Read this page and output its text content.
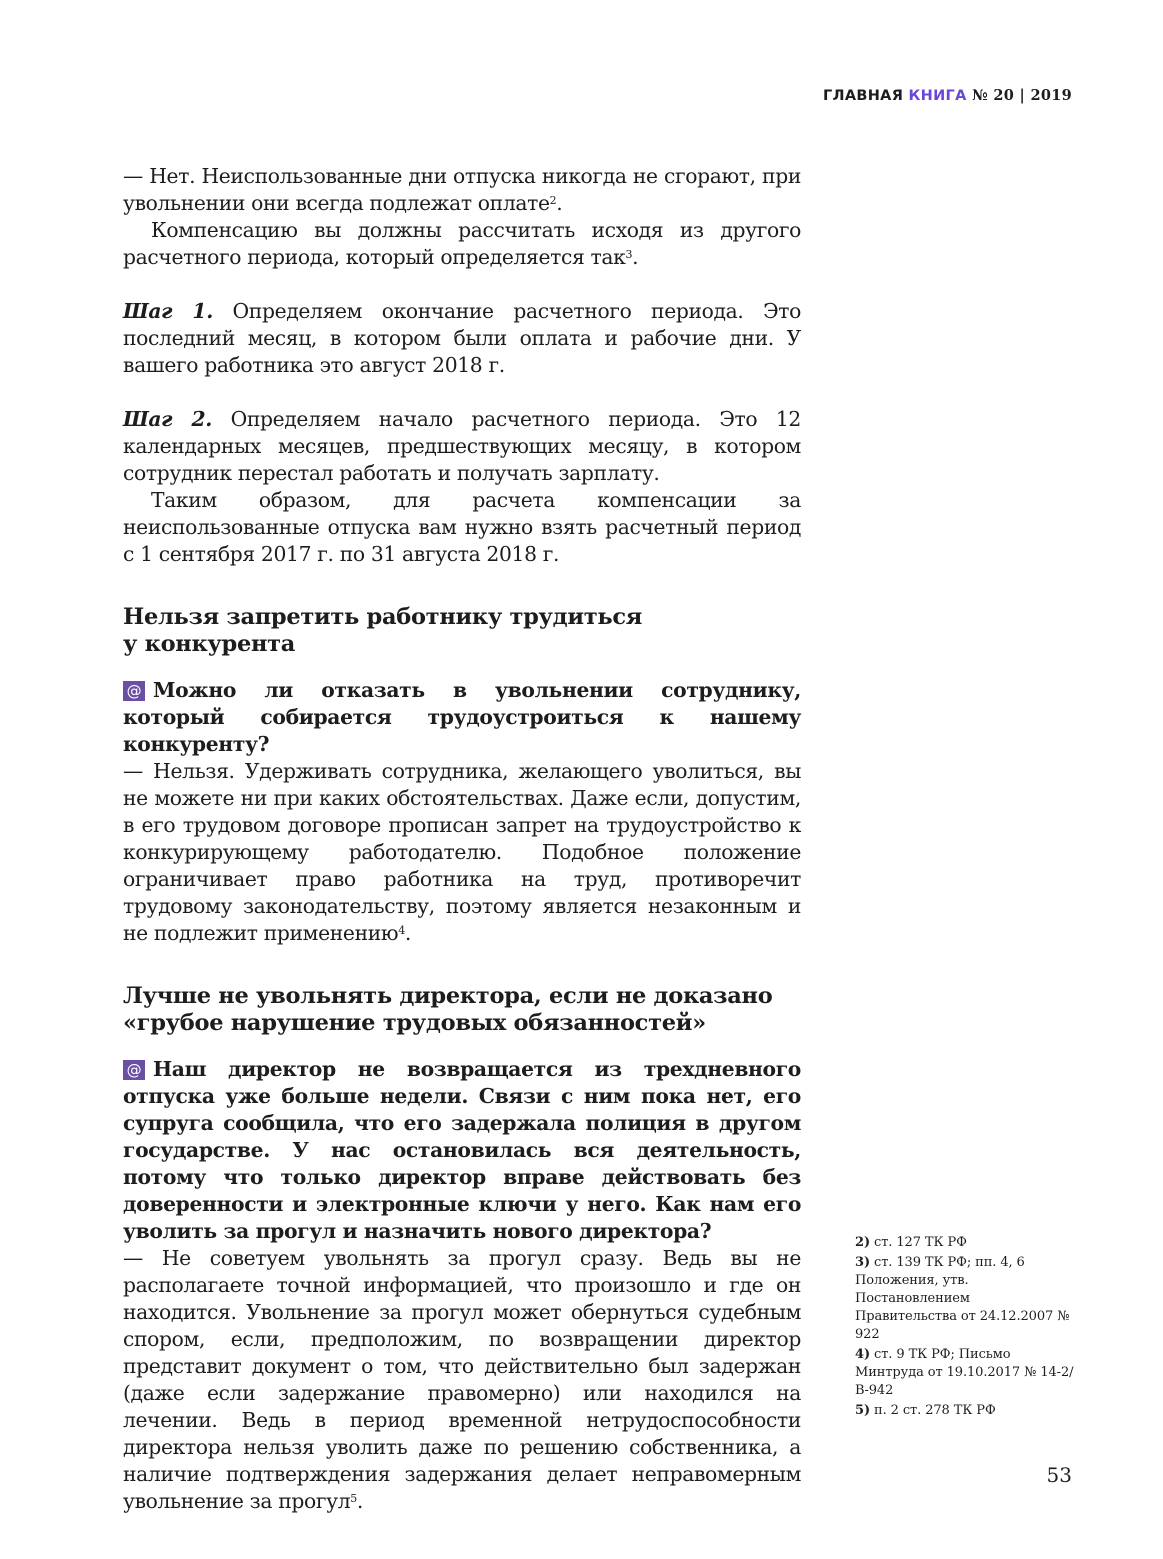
ГЛАВНАЯ КНИГА № 20 | 2019

— Нет. Неиспользованные дни отпуска никогда не сгорают, при увольнении они всегда подлежат оплате$^2$.

Компенсацию вы должны рассчитать исходя из другого расчетного периода, который определяется так$^3$.

Шаг 1. Определяем окончание расчетного периода. Это последний месяц, в котором были оплата и рабочие дни. У вашего работника это август 2018 г.

Шаг 2. Определяем начало расчетного периода. Это 12 календарных месяцев, предшествующих месяцу, в котором сотрудник перестал работать и получать зарплату.

Таким образом, для расчета компенсации за неиспользованные отпуска вам нужно взять расчетный период с 1 сентября 2017 г. по 31 августа 2018 г.

Нельзя запретить работнику трудиться
у конкурента

@ Можно ли отказать в увольнении сотруднику, который собирается трудоустроиться к нашему конкуренту?

— Нельзя. Удерживать сотрудника, желающего уволиться, вы не можете ни при каких обстоятельствах. Даже если, допустим, в его трудовом договоре прописан запрет на трудоустройство к конкурирующему работодателю. Подобное положение ограничивает право работника на труд, противоречит трудовому законодательству, поэтому является незаконным и не подлежит применению$^4$.

Лучше не увольнять директора, если не доказано
«грубое нарушение трудовых обязанностей»

@ Наш директор не возвращается из трехдневного отпуска уже больше недели. Связи с ним пока нет, его супруга сообщила, что его задержала полиция в другом государстве. У нас остановилась вся деятельность, потому что только директор вправе действовать без доверенности и электронные ключи у него. Как нам его уволить за прогул и назначить нового директора?

— Не советуем увольнять за прогул сразу. Ведь вы не располагаете точной информацией, что произошло и где он находится. Увольнение за прогул может обернуться судебным спором, если, предположим, по возвращении директор представит документ о том, что действительно был задержан (даже если задержание правомерно) или находился на лечении. Ведь в период временной нетрудоспособности директора нельзя уволить даже по решению собственника, а наличие подтверждения задержания делает неправомерным увольнение за прогул$^5$.

2) ст. 127 ТК РФ

3) ст. 139 ТК РФ; пп. 4, 6 Положения, утв. Постановлением Правительства от 24.12.2007 № 922

4) ст. 9 ТК РФ; Письмо Минтруда от 19.10.2017 № 14-2/В-942

5) п. 2 ст. 278 ТК РФ

53
